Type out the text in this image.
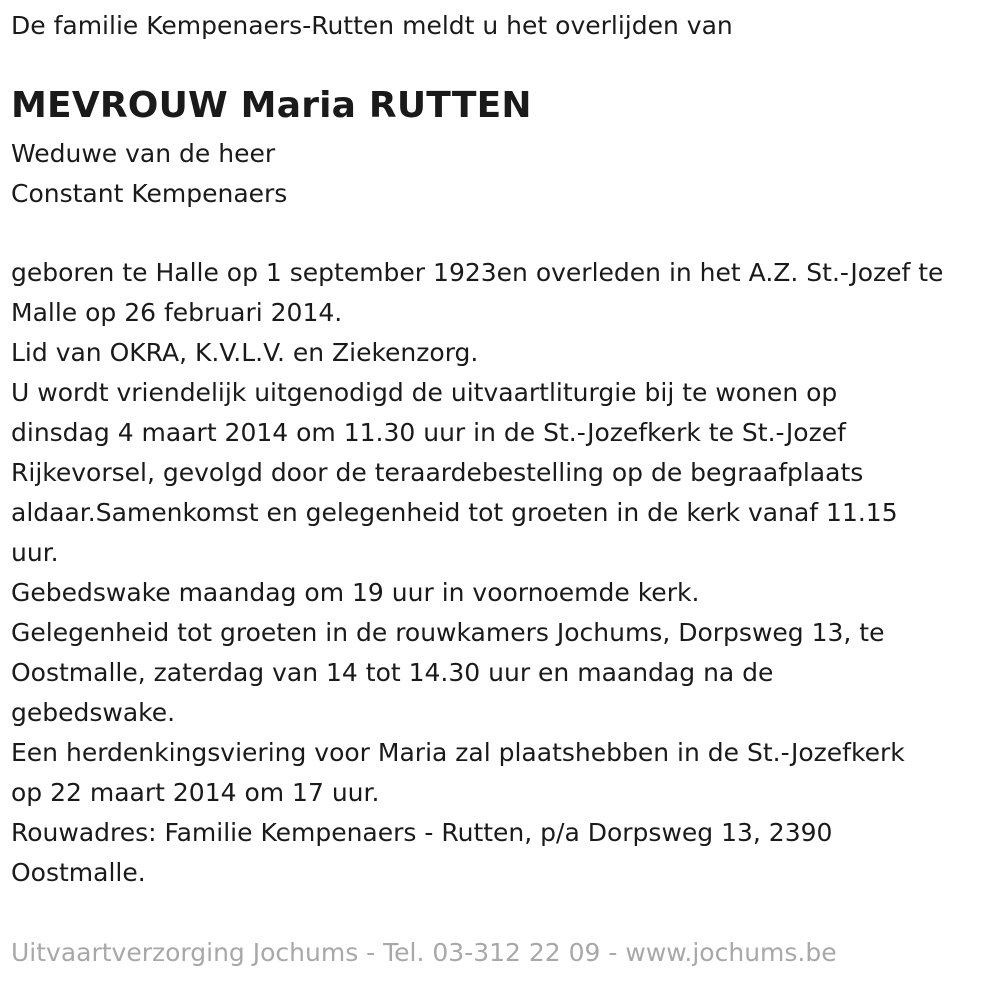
De familie Kempenaers-Rutten meldt u het overlijden van
MEVROUW Maria RUTTEN
Weduwe van de heer
Constant Kempenaers
geboren te Halle op 1 september 1923en overleden in het A.Z. St.-Jozef te
Malle op 26 februari 2014.
Lid van OKRA, K.V.L.V. en Ziekenzorg.
U wordt vriendelijk uitgenodigd de uitvaartliturgie bij te wonen op
dinsdag 4 maart 2014 om 11.30 uur in de St.-Jozefkerk te St.-Jozef
Rijkevorsel, gevolgd door de teraardebestelling op de begraafplaats
aldaar.Samenkomst en gelegenheid tot groeten in de kerk vanaf 11.15
uur.
Gebedswake maandag om 19 uur in voornoemde kerk.
Gelegenheid tot groeten in de rouwkamers Jochums, Dorpsweg 13, te
Oostmalle, zaterdag van 14 tot 14.30 uur en maandag na de
gebedswake.
Een herdenkingsviering voor Maria zal plaatshebben in de St.-Jozefkerk
op 22 maart 2014 om 17 uur.
Rouwadres: Familie Kempenaers - Rutten, p/a Dorpsweg 13, 2390
Oostmalle.
Uitvaartverzorging Jochums - Tel. 03-312 22 09 - www.jochums.be
